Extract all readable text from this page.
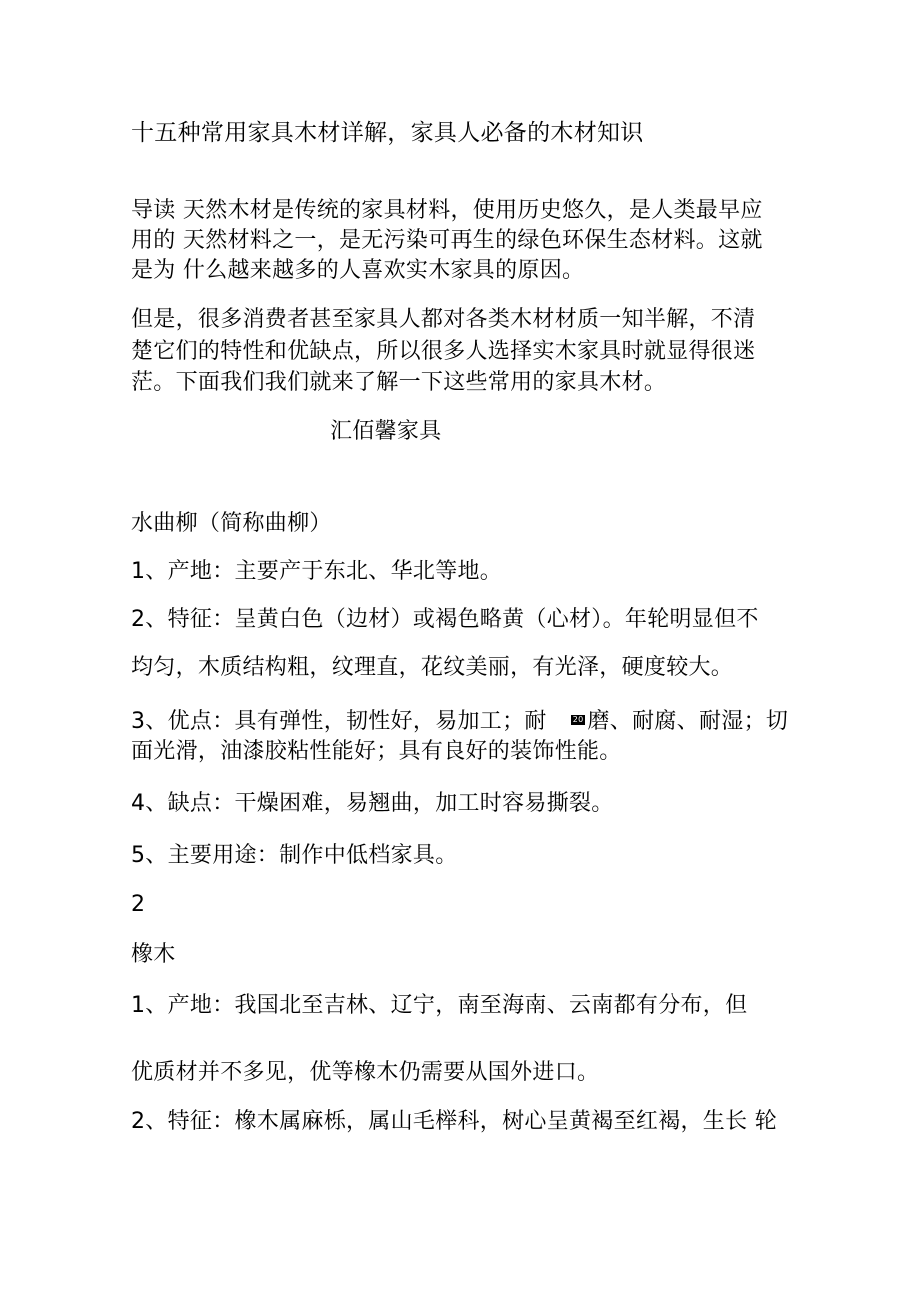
十五种常用家具木材详解，家具人必备的木材知识
导读 天然木材是传统的家具材料，使用历史悠久，是人类最早应
用的 天然材料之一，是无污染可再生的绿色环保生态材料。这就
是为 什么越来越多的人喜欢实木家具的原因。
但是，很多消费者甚至家具人都对各类木材材质一知半解，不清
楚它们的特性和优缺点，所以很多人选择实木家具时就显得很迷
茫。下面我们我们就来了解一下这些常用的家具木材。
汇佰馨家具
水曲柳（简称曲柳）
1、产地：主要产于东北、华北等地。
2、特征：呈黄白色（边材）或褐色略黄（心材）。年轮明显但不
均匀，木质结构粗，纹理直，花纹美丽，有光泽，硬度较大。
3、优点：具有弹性，韧性好，易加工；耐	20 磨、耐腐、耐湿；切
面光滑，油漆胶粘性能好；具有良好的装饰性能。
4、缺点：干燥困难，易翘曲，加工时容易撕裂。
5、主要用途：制作中低档家具。
2
橡木
1、产地：我国北至吉林、辽宁，南至海南、云南都有分布，但
优质材并不多见，优等橡木仍需要从国外进口。
2、特征：橡木属麻栎，属山毛榉科，树心呈黄褐至红褐，生长 轮
